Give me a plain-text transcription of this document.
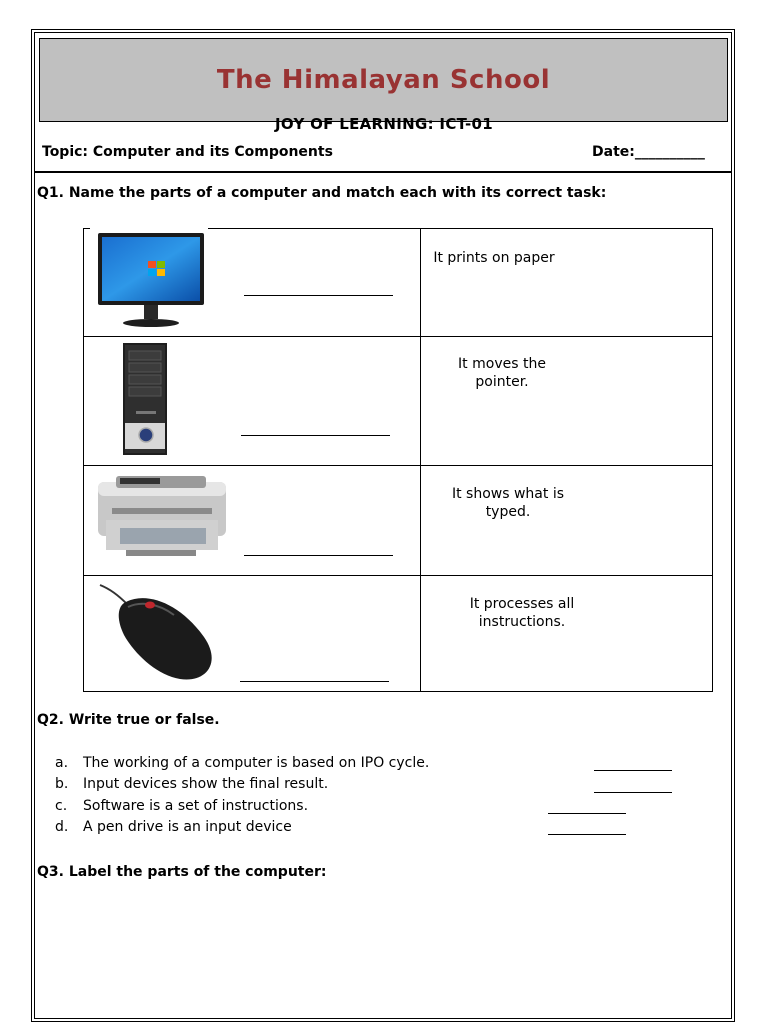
The Himalayan School
JOY OF LEARNING: ICT-01
Topic: Computer and its Components	Date:__________
Q1. Name the parts of a computer and match each with its correct task:
It prints on paper
It moves the pointer.
It shows what is typed.
It processes all instructions.
Q2. Write true or false.
a. The working of a computer is based on IPO cycle.
b. Input devices show the final result.
c. Software is a set of instructions.
d. A pen drive is an input device
Q3. Label the parts of the computer:
